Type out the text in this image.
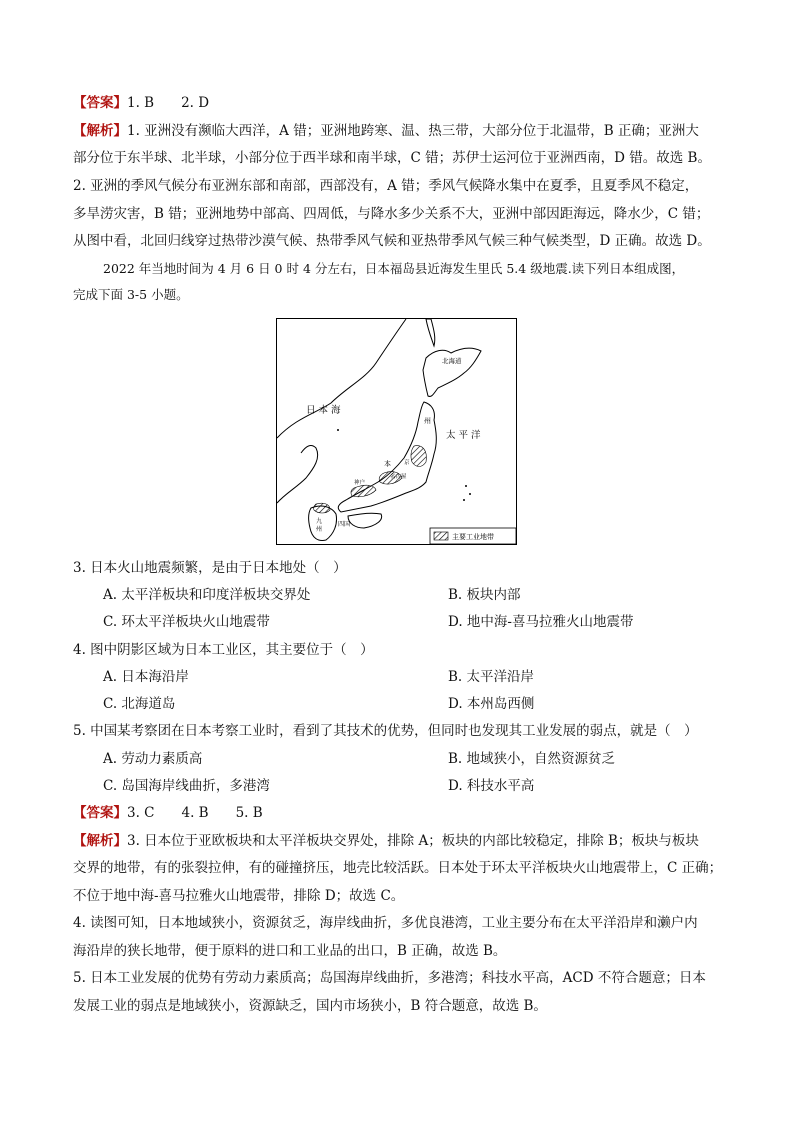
【答案】1. B　　2. D
【解析】1. 亚洲没有濒临大西洋，A 错；亚洲地跨寒、温、热三带，大部分位于北温带，B 正确；亚洲大
部分位于东半球、北半球，小部分位于西半球和南半球，C 错；苏伊士运河位于亚洲西南，D 错。故选 B。
2. 亚洲的季风气候分布亚洲东部和南部，西部没有，A 错；季风气候降水集中在夏季，且夏季风不稳定，
多旱涝灾害，B 错；亚洲地势中部高、四周低，与降水多少关系不大，亚洲中部因距海远，降水少，C 错；
从图中看，北回归线穿过热带沙漠气候、热带季风气候和亚热带季风气候三种气候类型，D 正确。故选 D。
2022 年当地时间为 4 月 6 日 0 时 4 分左右，日本福岛县近海发生里氏 5.4 级地震.读下列日本组成图，
完成下面 3-5 小题。
日 本 海
太 平 洋
北海道
州
本
名古屋
京
神户
九
州
四国
主要工业地带
3. 日本火山地震频繁，是由于日本地处（　）
A. 太平洋板块和印度洋板块交界处	B. 板块内部
C. 环太平洋板块火山地震带	D. 地中海-喜马拉雅火山地震带
4. 图中阴影区域为日本工业区，其主要位于（　）
A. 日本海沿岸	B. 太平洋沿岸
C. 北海道岛	D. 本州岛西侧
5. 中国某考察团在日本考察工业时，看到了其技术的优势，但同时也发现其工业发展的弱点，就是（　）
A. 劳动力素质高	B. 地域狭小，自然资源贫乏
C. 岛国海岸线曲折，多港湾	D. 科技水平高
【答案】3. C　　4. B　　5. B
【解析】3. 日本位于亚欧板块和太平洋板块交界处，排除 A；板块的内部比较稳定，排除 B；板块与板块
交界的地带，有的张裂拉伸，有的碰撞挤压，地壳比较活跃。日本处于环太平洋板块火山地震带上，C 正确；
不位于地中海-喜马拉雅火山地震带，排除 D；故选 C。
4. 读图可知，日本地域狭小，资源贫乏，海岸线曲折，多优良港湾，工业主要分布在太平洋沿岸和濑户内
海沿岸的狭长地带，便于原料的进口和工业品的出口，B 正确，故选 B。
5. 日本工业发展的优势有劳动力素质高；岛国海岸线曲折，多港湾；科技水平高，ACD 不符合题意；日本
发展工业的弱点是地域狭小，资源缺乏，国内市场狭小，B 符合题意，故选 B。
